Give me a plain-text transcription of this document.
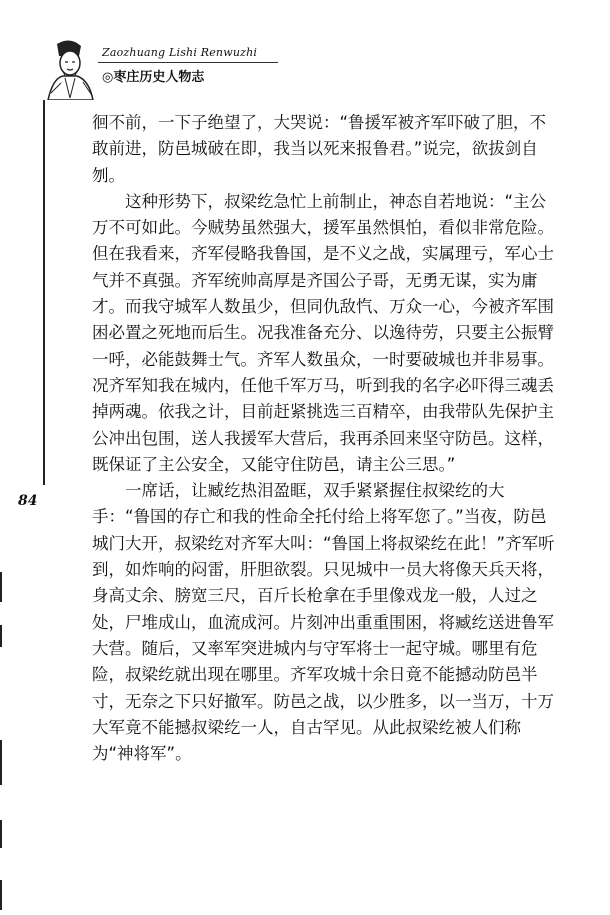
Zaozhuang Lishi Renwuzhi
◎枣庄历史人物志
84

徊不前，一下子绝望了，大哭说：“鲁援军被齐军吓破了胆，不敢前进，防邑城破在即，我当以死来报鲁君。”说完，欲拔剑自刎。

这种形势下，叔梁纥急忙上前制止，神态自若地说：“主公万不可如此。今贼势虽然强大，援军虽然惧怕，看似非常危险。但在我看来，齐军侵略我鲁国，是不义之战，实属理亏，军心士气并不真强。齐军统帅高厚是齐国公子哥，无勇无谋，实为庸才。而我守城军人数虽少，但同仇敌忾、万众一心，今被齐军围困必置之死地而后生。况我准备充分、以逸待劳，只要主公振臂一呼，必能鼓舞士气。齐军人数虽众，一时要破城也并非易事。况齐军知我在城内，任他千军万马，听到我的名字必吓得三魂丢掉两魂。依我之计，目前赶紧挑选三百精卒，由我带队先保护主公冲出包围，送人我援军大营后，我再杀回来坚守防邑。这样，既保证了主公安全，又能守住防邑，请主公三思。”

一席话，让臧纥热泪盈眶，双手紧紧握住叔梁纥的大手：“鲁国的存亡和我的性命全托付给上将军您了。”当夜，防邑城门大开，叔梁纥对齐军大叫：“鲁国上将叔梁纥在此！”齐军听到，如炸响的闷雷，肝胆欲裂。只见城中一员大将像天兵天将，身高丈余、膀宽三尺，百斤长枪拿在手里像戏龙一般，人过之处，尸堆成山，血流成河。片刻冲出重重围困，将臧纥送进鲁军大营。随后，又率军突进城内与守军将士一起守城。哪里有危险，叔梁纥就出现在哪里。齐军攻城十余日竟不能撼动防邑半寸，无奈之下只好撤军。防邑之战，以少胜多，以一当万，十万大军竟不能撼叔梁纥一人，自古罕见。从此叔梁纥被人们称为“神将军”。
